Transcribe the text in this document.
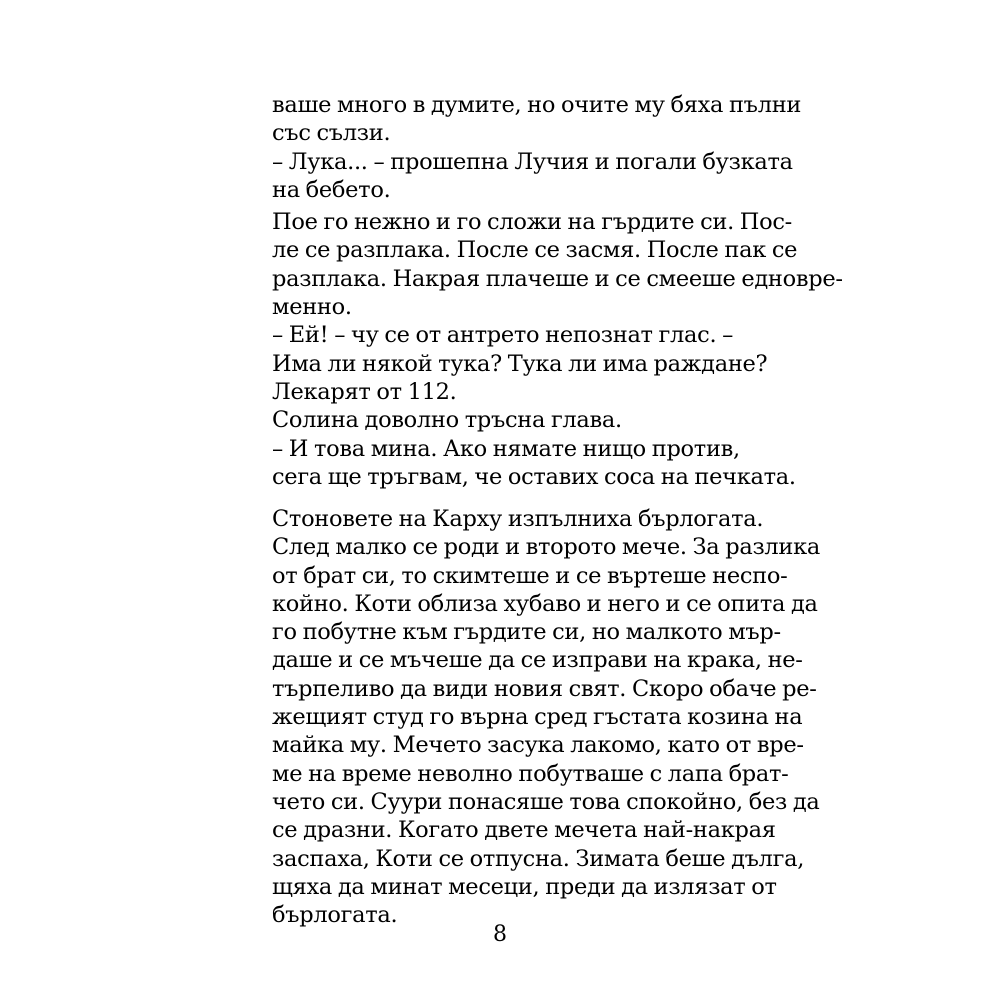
ваше много в думите, но очите му бяха пълни
със сълзи.
– Лука... – прошепна Лучия и погали бузката
на бебето.
Пое го нежно и го сложи на гърдите си. Пос-
ле се разплака. После се засмя. После пак се
разплака. Накрая плачеше и се смееше едновре-
менно.
– Ей! – чу се от антрето непознат глас. –
Има ли някой тука? Тука ли има раждане?
Лекарят от 112.
Солина доволно тръсна глава.
– И това мина. Ако нямате нищо против,
сега ще тръгвам, че оставих соса на печката.
Стоновете на Карху изпълниха бърлогата.
След малко се роди и второто мече. За разлика
от брат си, то скимтеше и се въртеше неспо-
койно. Коти облиза хубаво и него и се опита да
го побутне към гърдите си, но малкото мър-
даше и се мъчеше да се изправи на крака, не-
търпеливо да види новия свят. Скоро обаче ре-
жещият студ го върна сред гъстата козина на
майка му. Мечето засука лакомо, като от вре-
ме на време неволно побутваше с лапа брат-
чето си. Суури понасяше това спокойно, без да
се дразни. Когато двете мечета най-накрая
заспаха, Коти се отпусна. Зимата беше дълга,
щяха да минат месеци, преди да излязат от
бърлогата.
8
